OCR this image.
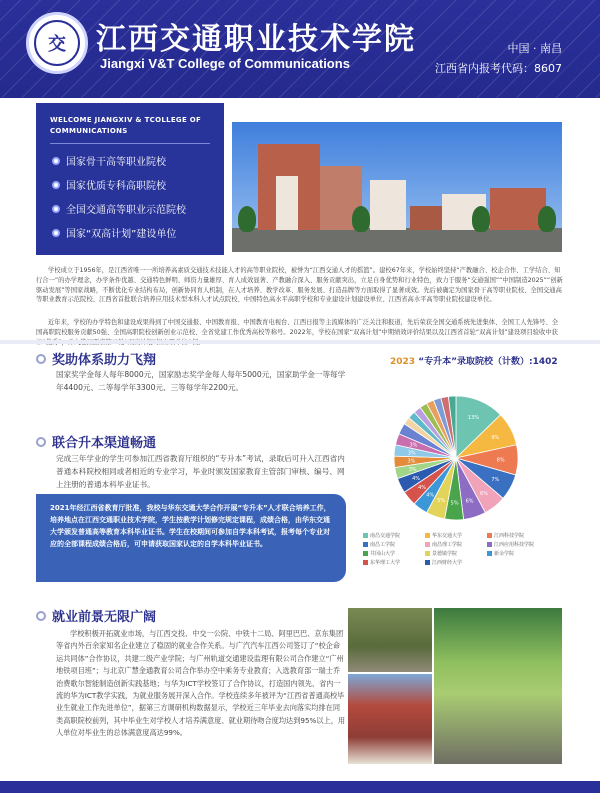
交	江西交通职业技术学院
Jiangxi V&T College of Communications
中国 · 南昌
江西省内报考代码：8607
WELCOME JIANGXIV & TCOLLEGE OF COMMUNICATIONS
国家骨干高等职业院校
国家优质专科高职院校
全国交通高等职业示范院校
国家“双高计划”建设单位
学校成立于1956年，是江西省唯一一所培养高素质交通技术技能人才的高等职业院校，被誉为“江西交通人才的摇篮”。建校67年来，学校始终坚持“产教融合、校企合作、工学结合、知行合一”的办学理念，办学条件优越、交通特色鲜明、师资力量雄厚、育人成效显著、产教融合深入、服务贡献突出，立足自身优势和行业特色，致力于服务“交通强国”“中国制造2025”“创新驱动发展”等国家战略，不断优化专业结构布局，创新协同育人机制，在人才培养、教学改革、服务发展、打造品牌等方面取得了显著成效。先后被确定为国家骨干高等职业院校、全国交通高等职业教育示范院校、江西省首批联合培养应用技术型本科人才试点院校、中国特色高水平高职学校和专业建设计划建设单位、江西省高水平高等职业院校建设单位。
近年来，学校的办学特色和建设成果得到了中国交通报、中国教育报、中国教育电视台、江西日报等主流媒体的广泛关注和报道，先后荣获全国交通系统先进集体、全国工人先锋号、全国高职院校服务贡献50强、全国高职院校创新创业示范校、全省党建工作优秀高校等称号。2022年，学校在国家“双高计划”中期绩效评价结果以及江西省首轮“双高计划”建设项目验收中获
奖助体系助力飞翔
国家奖学金每人每年8000元，国家励志奖学金每人每年5000元，国家助学金一等每学年4400元、二等每学年3300元、三等每学年2200元。
联合升本渠道畅通
完成三年学业的学生可参加江西省教育厅组织的“专升本”考试，录取后可升入江西省内普通本科院校相同或者相近的专业学习，毕业时颁发国家教育主管部门审核、编号、网上注册的普通本科毕业证书。
2021年经江西省教育厅批准，我校与华东交通大学合作开展“专升本”人才联合培养工作，培养地点在江西交通职业技术学院，学生按教学计划修完规定课程，成绩合格，由华东交通大学颁发普通高等教育本科毕业证书。学生在校期间可参加自学本科考试，报考每个专业对应的全部课程成绩合格后，可申请获取国家认定的自学本科毕业证书。
2023 “专升本”录取院校（计数）:1402
13%
9%
8%
7%
6%
6%
5%
5%
4%
4%
4%
3%
3%
3%
3%
南昌交通学院	华东交通大学	江西科技学院
南昌工学院	南昌理工学院	江西应用科技学院
井冈山大学	景德镇学院	新余学院
东华理工大学	江西财经大学
就业前景无限广阔
学校积极开拓就业市场，与江西交投、中交一公院、中铁十二局、阿里巴巴、京东集团等省内外百余家知名企业建立了稳固的就业合作关系。与广汽汽车江西公司签订了“校企命运共同体”合作协议，共建二级产业学院；与广州轨道交通建设监理有限公司合作建立“广州地铁项目班”；与北京广慧金通教育公司合作举办空中乘务专业教育；入选教育部一瑞士乔治费歌尔智能制造创新实践基地；与华为ICT学校签订了合作协议，打造国内领先、省内一流的华为ICT教学实践，为就业服务展开深入合作。学校连续多年被评为“江西省普通高校毕业生就业工作先进单位”，据第三方调研机构数据显示，学校近三年毕业去向落实均排在同类高职院校前列，其中毕业生对学校人才培养满意度、就业期待吻合度均达到95%以上，用人单位对毕业生的总体满意度高达99%。
